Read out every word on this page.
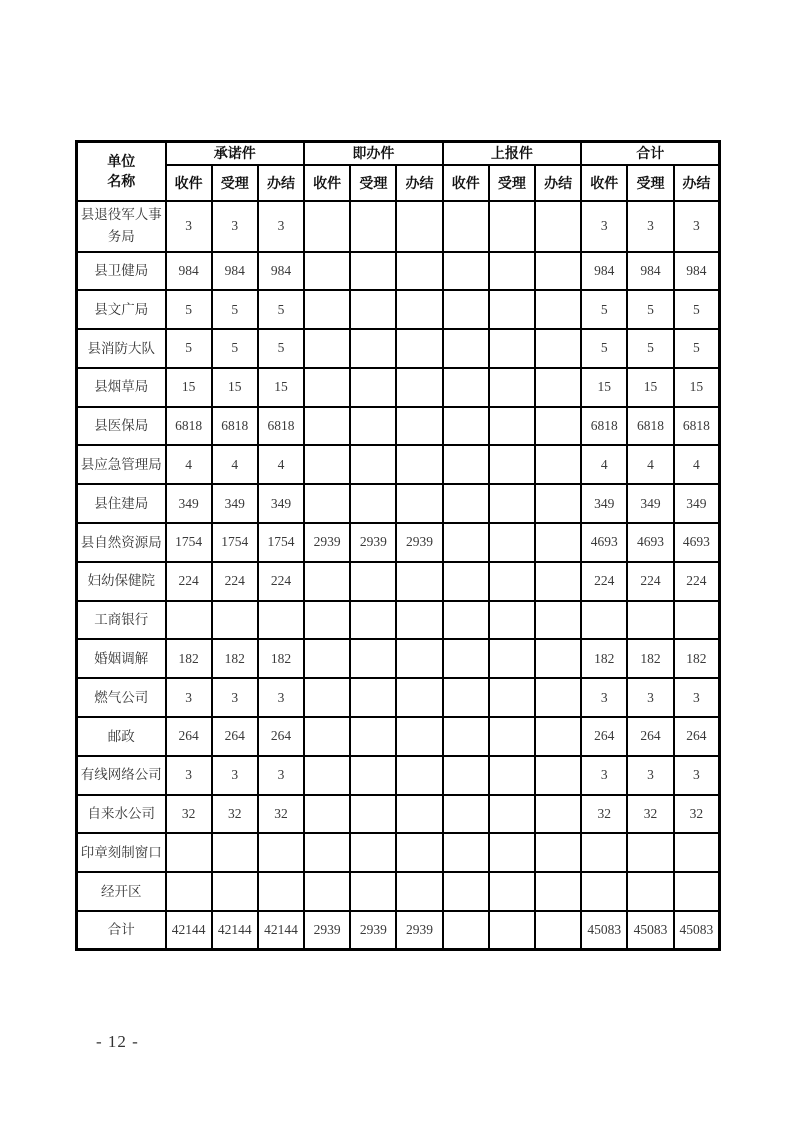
单位
名称	承诺件			即办件			上报件			合计		
	收件	受理	办结	收件	受理	办结	收件	受理	办结	收件	受理	办结
县退役军人事务局	3	3	3							3	3	3
县卫健局	984	984	984							984	984	984
县文广局	5	5	5							5	5	5
县消防大队	5	5	5							5	5	5
县烟草局	15	15	15							15	15	15
县医保局	6818	6818	6818							6818	6818	6818
县应急管理局	4	4	4							4	4	4
县住建局	349	349	349							349	349	349
县自然资源局	1754	1754	1754	2939	2939	2939				4693	4693	4693
妇幼保健院	224	224	224							224	224	224
工商银行												
婚姻调解	182	182	182							182	182	182
燃气公司	3	3	3							3	3	3
邮政	264	264	264							264	264	264
有线网络公司	3	3	3							3	3	3
自来水公司	32	32	32							32	32	32
印章刻制窗口												
经开区												
合计	42144	42144	42144	2939	2939	2939				45083	45083	45083
- 12 -
